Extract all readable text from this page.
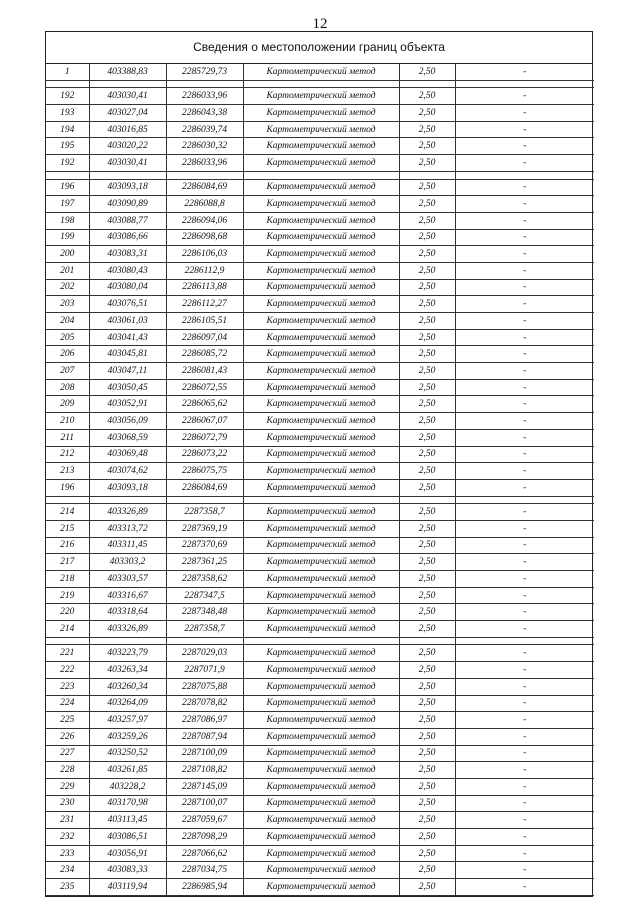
12
Сведения о местоположении границ объекта
1	403388,83	2285729,73	Картометрический метод	2,50	-

192	403030,41	2286033,96	Картометрический метод	2,50	-
193	403027,04	2286043,38	Картометрический метод	2,50	-
194	403016,85	2286039,74	Картометрический метод	2,50	-
195	403020,22	2286030,32	Картометрический метод	2,50	-
192	403030,41	2286033,96	Картометрический метод	2,50	-

196	403093,18	2286084,69	Картометрический метод	2,50	-
197	403090,89	2286088,8	Картометрический метод	2,50	-
198	403088,77	2286094,06	Картометрический метод	2,50	-
199	403086,66	2286098,68	Картометрический метод	2,50	-
200	403083,31	2286106,03	Картометрический метод	2,50	-
201	403080,43	2286112,9	Картометрический метод	2,50	-
202	403080,04	2286113,88	Картометрический метод	2,50	-
203	403076,51	2286112,27	Картометрический метод	2,50	-
204	403061,03	2286105,51	Картометрический метод	2,50	-
205	403041,43	2286097,04	Картометрический метод	2,50	-
206	403045,81	2286085,72	Картометрический метод	2,50	-
207	403047,11	2286081,43	Картометрический метод	2,50	-
208	403050,45	2286072,55	Картометрический метод	2,50	-
209	403052,91	2286065,62	Картометрический метод	2,50	-
210	403056,09	2286067,07	Картометрический метод	2,50	-
211	403068,59	2286072,79	Картометрический метод	2,50	-
212	403069,48	2286073,22	Картометрический метод	2,50	-
213	403074,62	2286075,75	Картометрический метод	2,50	-
196	403093,18	2286084,69	Картометрический метод	2,50	-

214	403326,89	2287358,7	Картометрический метод	2,50	-
215	403313,72	2287369,19	Картометрический метод	2,50	-
216	403311,45	2287370,69	Картометрический метод	2,50	-
217	403303,2	2287361,25	Картометрический метод	2,50	-
218	403303,57	2287358,62	Картометрический метод	2,50	-
219	403316,67	2287347,5	Картометрический метод	2,50	-
220	403318,64	2287348,48	Картометрический метод	2,50	-
214	403326,89	2287358,7	Картометрический метод	2,50	-

221	403223,79	2287029,03	Картометрический метод	2,50	-
222	403263,34	2287071,9	Картометрический метод	2,50	-
223	403260,34	2287075,88	Картометрический метод	2,50	-
224	403264,09	2287078,82	Картометрический метод	2,50	-
225	403257,97	2287086,97	Картометрический метод	2,50	-
226	403259,26	2287087,94	Картометрический метод	2,50	-
227	403250,52	2287100,09	Картометрический метод	2,50	-
228	403261,85	2287108,82	Картометрический метод	2,50	-
229	403228,2	2287145,09	Картометрический метод	2,50	-
230	403170,98	2287100,07	Картометрический метод	2,50	-
231	403113,45	2287059,67	Картометрический метод	2,50	-
232	403086,51	2287098,29	Картометрический метод	2,50	-
233	403056,91	2287066,62	Картометрический метод	2,50	-
234	403083,33	2287034,75	Картометрический метод	2,50	-
235	403119,94	2286985,94	Картометрический метод	2,50	-
